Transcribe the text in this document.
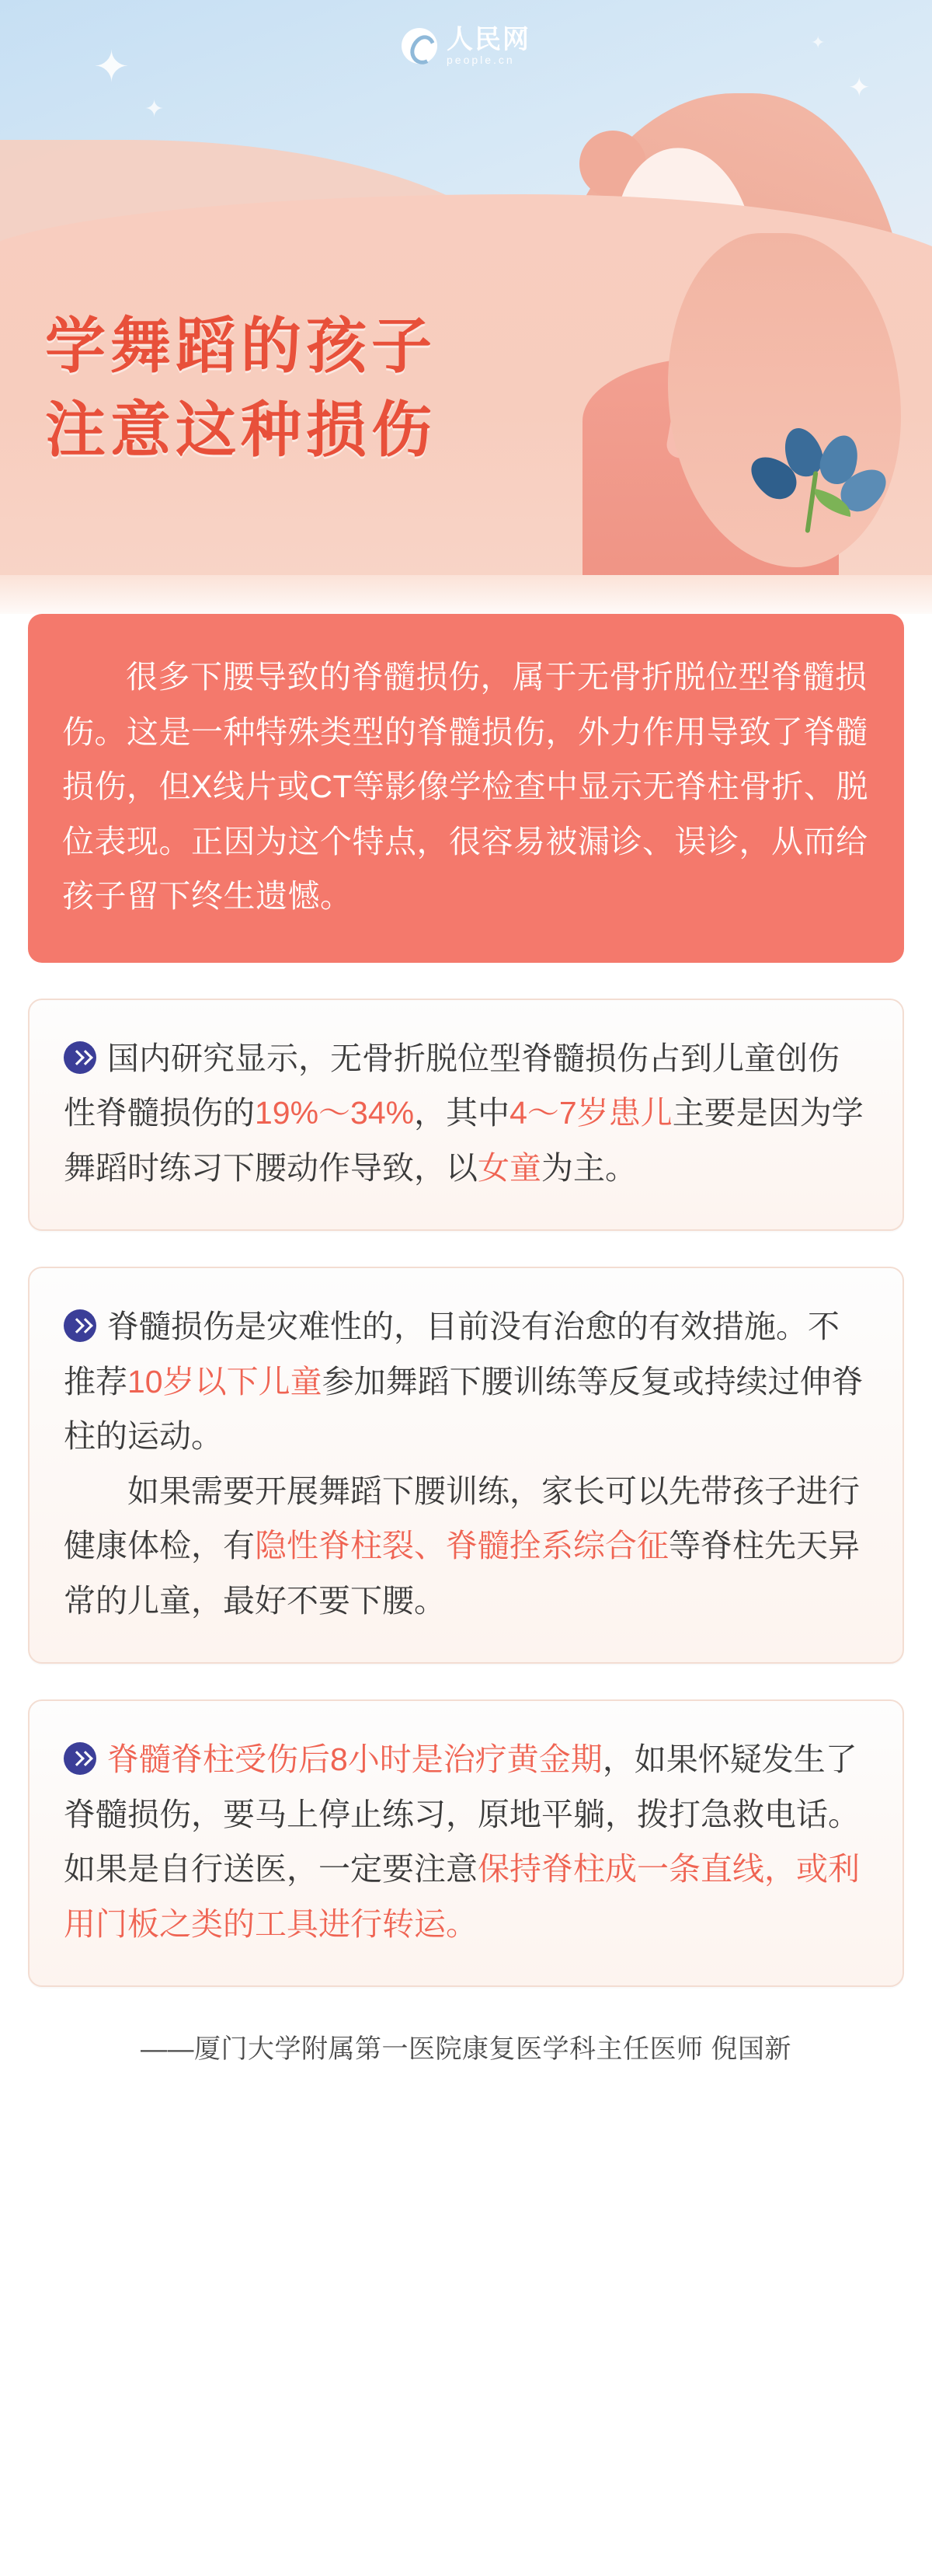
✦
✦
✦
✦
人民网
people.cn
学舞蹈的孩子
注意这种损伤

很多下腰导致的脊髓损伤，属于无骨折脱位型脊髓损伤。这是一种特殊类型的脊髓损伤，外力作用导致了脊髓损伤，但X线片或CT等影像学检查中显示无脊柱骨折、脱位表现。正因为这个特点，很容易被漏诊、误诊，从而给孩子留下终生遗憾。

国内研究显示，无骨折脱位型脊髓损伤占到儿童创伤性脊髓损伤的19%～34%，其中4～7岁患儿主要是因为学舞蹈时练习下腰动作导致，以女童为主。

脊髓损伤是灾难性的，目前没有治愈的有效措施。不推荐10岁以下儿童参加舞蹈下腰训练等反复或持续过伸脊柱的运动。

如果需要开展舞蹈下腰训练，家长可以先带孩子进行健康体检，有隐性脊柱裂、脊髓拴系综合征等脊柱先天异常的儿童，最好不要下腰。

脊髓脊柱受伤后8小时是治疗黄金期，如果怀疑发生了脊髓损伤，要马上停止练习，原地平躺，拨打急救电话。如果是自行送医，一定要注意保持脊柱成一条直线，或利用门板之类的工具进行转运。

——厦门大学附属第一医院康复医学科主任医师 倪国新
